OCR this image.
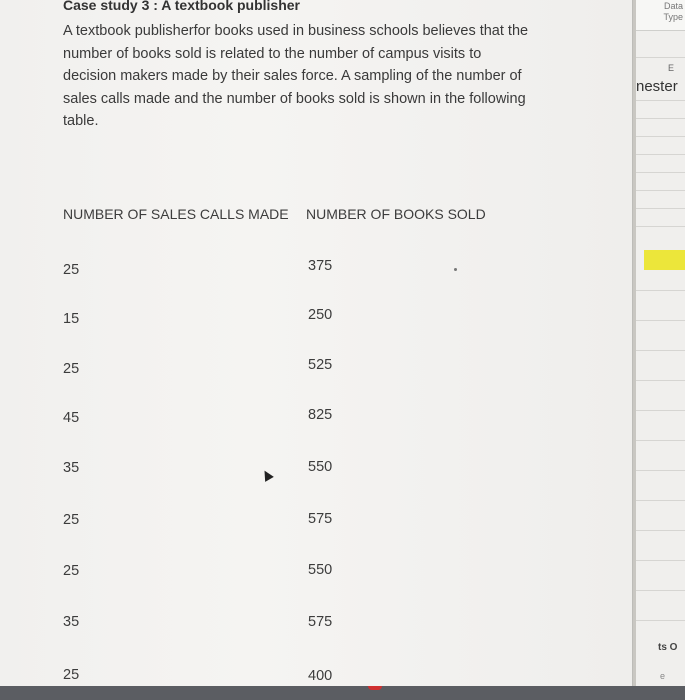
Case study 3 : A textbook publisher
A textbook publisherfor books used in business schools believes that the
number of books sold is related to the number of campus visits to
decision makers made by their sales force. A sampling of the number of
sales calls made and the number of books sold is shown in the following
table.
NUMBER OF SALES CALLS MADE NUMBER OF BOOKS SOLD
25	375
15	250
25	525
45	825
35	550
25	575
25	550
35	575
25	400
Data
Type
E
nester
ts O
e
